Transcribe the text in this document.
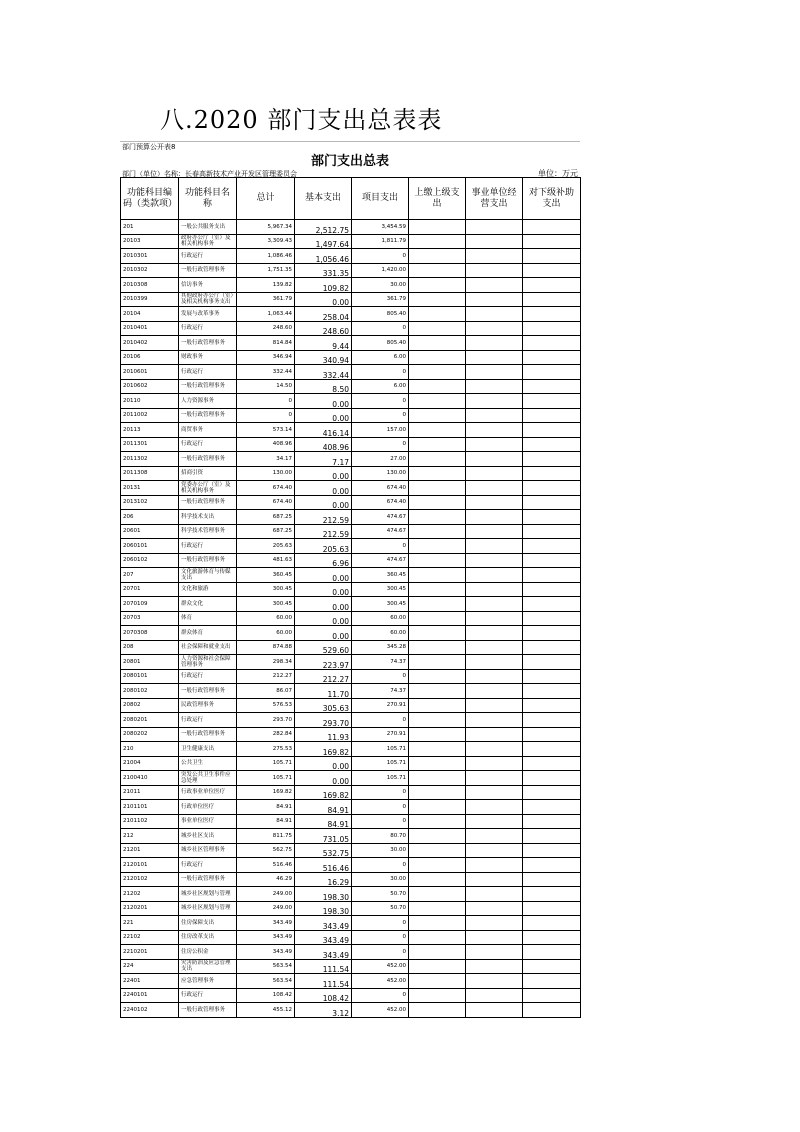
八.2020 部门支出总表表
部门预算公开表8
部门支出总表
部门（单位）名称：长春高新技术产业开发区管理委员会	单位：万元
功能科目编码（类款项）	功能科目名称	总计	基本支出	项目支出	上缴上级支出	事业单位经营支出	对下级补助支出
201	一般公共服务支出	5,967.34	2,512.75	3,454.59			
20103	政府办公厅（室）及相关机构事务	3,309.43	1,497.64	1,811.79			
2010301	行政运行	1,086.46	1,056.46	0			
2010302	一般行政管理事务	1,751.35	331.35	1,420.00			
2010308	信访事务	139.82	109.82	30.00			
2010399	其他政府办公厅（室）及相关机构事务支出	361.79	0.00	361.79			
20104	发展与改革事务	1,063.44	258.04	805.40			
2010401	行政运行	248.60	248.60	0			
2010402	一般行政管理事务	814.84	9.44	805.40			
20106	财政事务	346.94	340.94	6.00			
2010601	行政运行	332.44	332.44	0			
2010602	一般行政管理事务	14.50	8.50	6.00			
20110	人力资源事务	0	0.00	0			
2011002	一般行政管理事务	0	0.00	0			
20113	商贸事务	573.14	416.14	157.00			
2011301	行政运行	408.96	408.96	0			
2011302	一般行政管理事务	34.17	7.17	27.00			
2011308	招商引资	130.00	0.00	130.00			
20131	党委办公厅（室）及相关机构事务	674.40	0.00	674.40			
2013102	一般行政管理事务	674.40	0.00	674.40			
206	科学技术支出	687.25	212.59	474.67			
20601	科学技术管理事务	687.25	212.59	474.67			
2060101	行政运行	205.63	205.63	0			
2060102	一般行政管理事务	481.63	6.96	474.67			
207	文化旅游体育与传媒支出	360.45	0.00	360.45			
20701	文化和旅游	300.45	0.00	300.45			
2070109	群众文化	300.45	0.00	300.45			
20703	体育	60.00	0.00	60.00			
2070308	群众体育	60.00	0.00	60.00			
208	社会保障和就业支出	874.88	529.60	345.28			
20801	人力资源和社会保障管理事务	298.34	223.97	74.37			
2080101	行政运行	212.27	212.27	0			
2080102	一般行政管理事务	86.07	11.70	74.37			
20802	民政管理事务	576.53	305.63	270.91			
2080201	行政运行	293.70	293.70	0			
2080202	一般行政管理事务	282.84	11.93	270.91			
210	卫生健康支出	275.53	169.82	105.71			
21004	公共卫生	105.71	0.00	105.71			
2100410	突发公共卫生事件应急处理	105.71	0.00	105.71			
21011	行政事业单位医疗	169.82	169.82	0			
2101101	行政单位医疗	84.91	84.91	0			
2101102	事业单位医疗	84.91	84.91	0			
212	城乡社区支出	811.75	731.05	80.70			
21201	城乡社区管理事务	562.75	532.75	30.00			
2120101	行政运行	516.46	516.46	0			
2120102	一般行政管理事务	46.29	16.29	30.00			
21202	城乡社区规划与管理	249.00	198.30	50.70			
2120201	城乡社区规划与管理	249.00	198.30	50.70			
221	住房保障支出	343.49	343.49	0			
22102	住房改革支出	343.49	343.49	0			
2210201	住房公积金	343.49	343.49	0			
224	灾害防治及应急管理支出	563.54	111.54	452.00			
22401	应急管理事务	563.54	111.54	452.00			
2240101	行政运行	108.42	108.42	0			
2240102	一般行政管理事务	455.12	3.12	452.00			
